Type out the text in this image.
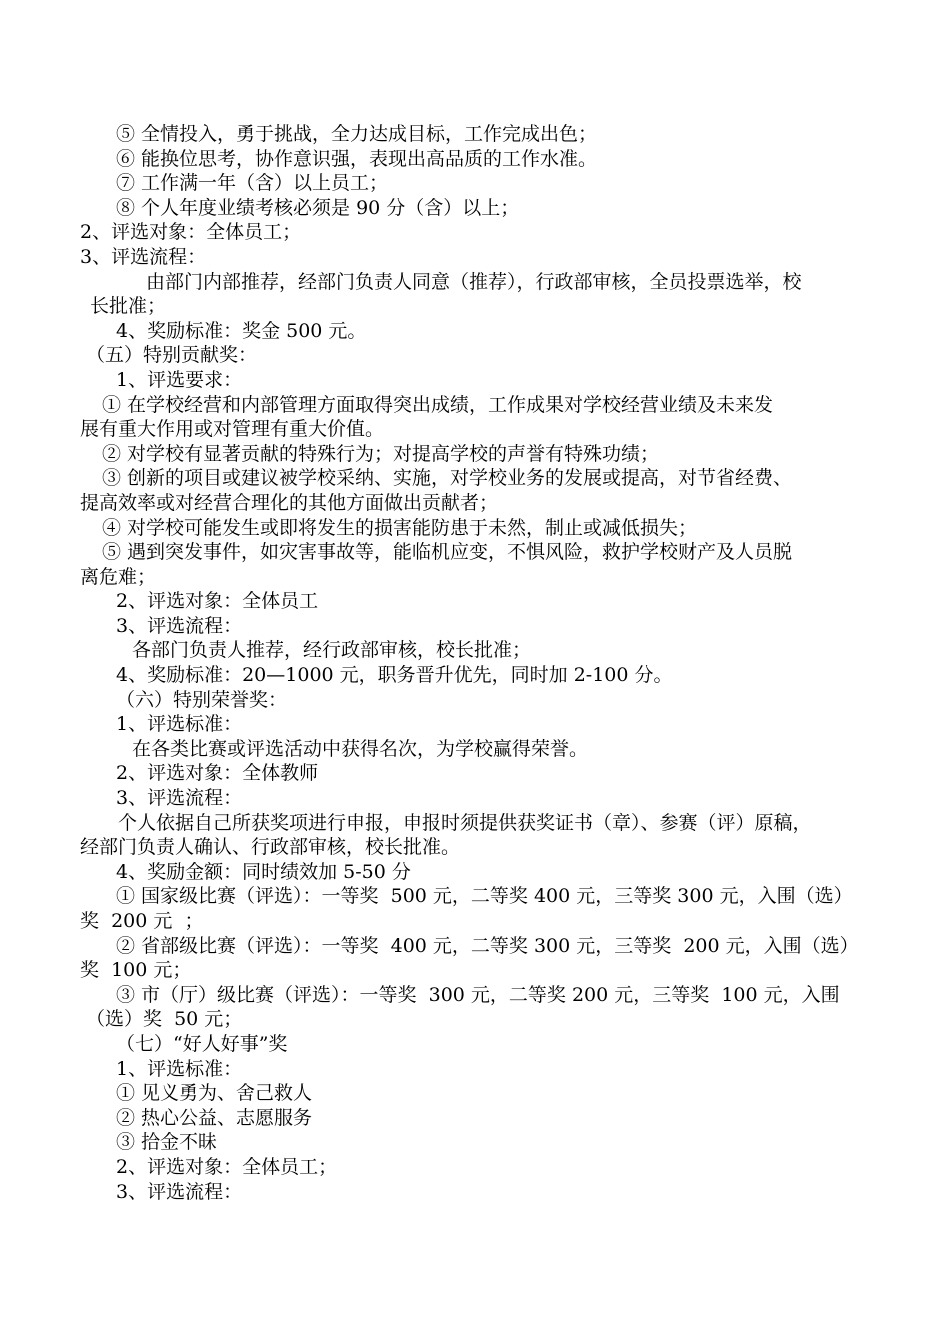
⑤ 全情投入，勇于挑战，全力达成目标，工作完成出色；

⑥ 能换位思考，协作意识强，表现出高品质的工作水准。

⑦ 工作满一年（含）以上员工；

⑧ 个人年度业绩考核必须是 90 分（含）以上；

2、评选对象：全体员工；

3、评选流程：

由部门内部推荐，经部门负责人同意（推荐），行政部审核，全员投票选举，校

长批准；

4、奖励标准：奖金 500 元。

（五）特别贡献奖：

1、评选要求：

① 在学校经营和内部管理方面取得突出成绩，工作成果对学校经营业绩及未来发

展有重大作用或对管理有重大价值。

② 对学校有显著贡献的特殊行为；对提高学校的声誉有特殊功绩；

③ 创新的项目或建议被学校采纳、实施，对学校业务的发展或提高，对节省经费、

提高效率或对经营合理化的其他方面做出贡献者；

④ 对学校可能发生或即将发生的损害能防患于未然，制止或减低损失；

⑤ 遇到突发事件，如灾害事故等，能临机应变，不惧风险，救护学校财产及人员脱

离危难；

2、评选对象：全体员工

3、评选流程：

各部门负责人推荐，经行政部审核，校长批准；

4、奖励标准：20—1000 元，职务晋升优先，同时加 2-100 分。

（六）特别荣誉奖：

1、评选标准：

在各类比赛或评选活动中获得名次，为学校赢得荣誉。

2、评选对象：全体教师

3、评选流程：

个人依据自己所获奖项进行申报，申报时须提供获奖证书（章）、参赛（评）原稿，

经部门负责人确认、行政部审核，校长批准。

4、奖励金额：同时绩效加 5-50 分

① 国家级比赛（评选）：一等奖  500 元，二等奖 400 元，三等奖 300 元，入围（选）

奖  200 元  ；

② 省部级比赛（评选）：一等奖  400 元，二等奖 300 元，三等奖  200 元，入围（选）

奖  100 元；

③ 市（厅）级比赛（评选）：一等奖  300 元，二等奖 200 元，三等奖  100 元，入围

（选）奖  50 元；

（七）“好人好事”奖

1、评选标准：

① 见义勇为、舍己救人

② 热心公益、志愿服务

③ 拾金不昧

2、评选对象：全体员工；

3、评选流程：
